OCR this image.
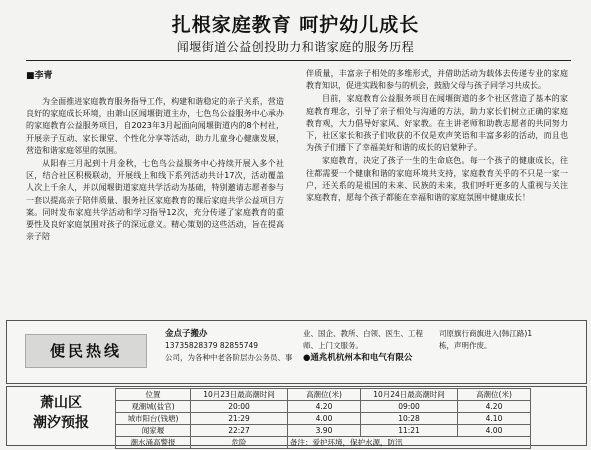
扎根家庭教育 呵护幼儿成长
闻堰街道公益创投助力和谐家庭的服务历程
■李青

为全面推进家庭教育服务指导工作，构建和谐稳定的亲子关系，营造良好的家庭成长环境，由萧山区闻堰街道主办，七色鸟公益服务中心承办的家庭教育公益服务项目，自2023年3月起面向闻堰街道内的8个村社，开展亲子互动、家长课堂、个性化分享等活动，助力儿童身心健康发展，营造和谐家庭邻里的氛围。

从阳春三月起到十月金秋，七色鸟公益服务中心持续开展入多个社区，结合社区积极联动，开展线上和线下系列活动共计17次，活动覆盖人次上千余人，并以闻堰街道家庭共学活动为基础，特别邀请志愿者参与一套以提高亲子陪伴质量、服务社区家庭教育的课后家庭共学公益项目方案。同时发布家庭共学活动和学习指导12次，充分传递了家庭教育的重要性及良好家庭氛围对孩子的深远意义。精心策划的这些活动，旨在提高亲子陪

伴质量，丰富亲子相处的多维形式，并借助活动为载体去传递专业的家庭教育知识，促进实践和参与的机会，鼓励父母与孩子同学习共成长。

目前，家庭教育公益服务项目在闻堰街道的多个社区营造了基本的家庭教育理念，引导了亲子相处与沟通的方法，助力家长们树立正确的家庭教育观，大力倡导好家风、好家教。在主讲老师和助教志愿者的共同努力下，社区家长和孩子们收获的不仅是欢声笑语和丰富多彩的活动，而且也为孩子们播下了幸福美好和谐的成长的启蒙种子。

家庭教育，决定了孩子一生的生命底色。每一个孩子的健康成长，往往都需要一个健康和谐的家庭环境共支持，家庭教育关乎的不只是一家一户，还关系的是祖国的未来、民族的未来，我们呼吁更多的人重视与关注家庭教育，愿每个孩子都能在幸福和谐的家庭氛围中健康成长！

便民热线
金点子搬办
13735828379 82855749
公司，为各种中老各阶层办公务员、事
业、国企、教所、白领、医生、工程
师、上门文服务。
●通兆机杭州本和电气有限公
司原旗行商旗进入(韩江路)1
栋，声明作废。
萧山区
潮汐预报
位置	10月23日最高潮时间	高潮位(米)	10月24日最高潮时间	高潮位(米)
观潮城(盐官)	20:00	4.20	09:00	4.20
城市阳台(钱塘)	21:29	4.00	10:28	4.10
闻家堰	22:27	3.90	11:21	4.00
潮水涌高警报	危险	备注：爱护环境，保护水源，防汛		
